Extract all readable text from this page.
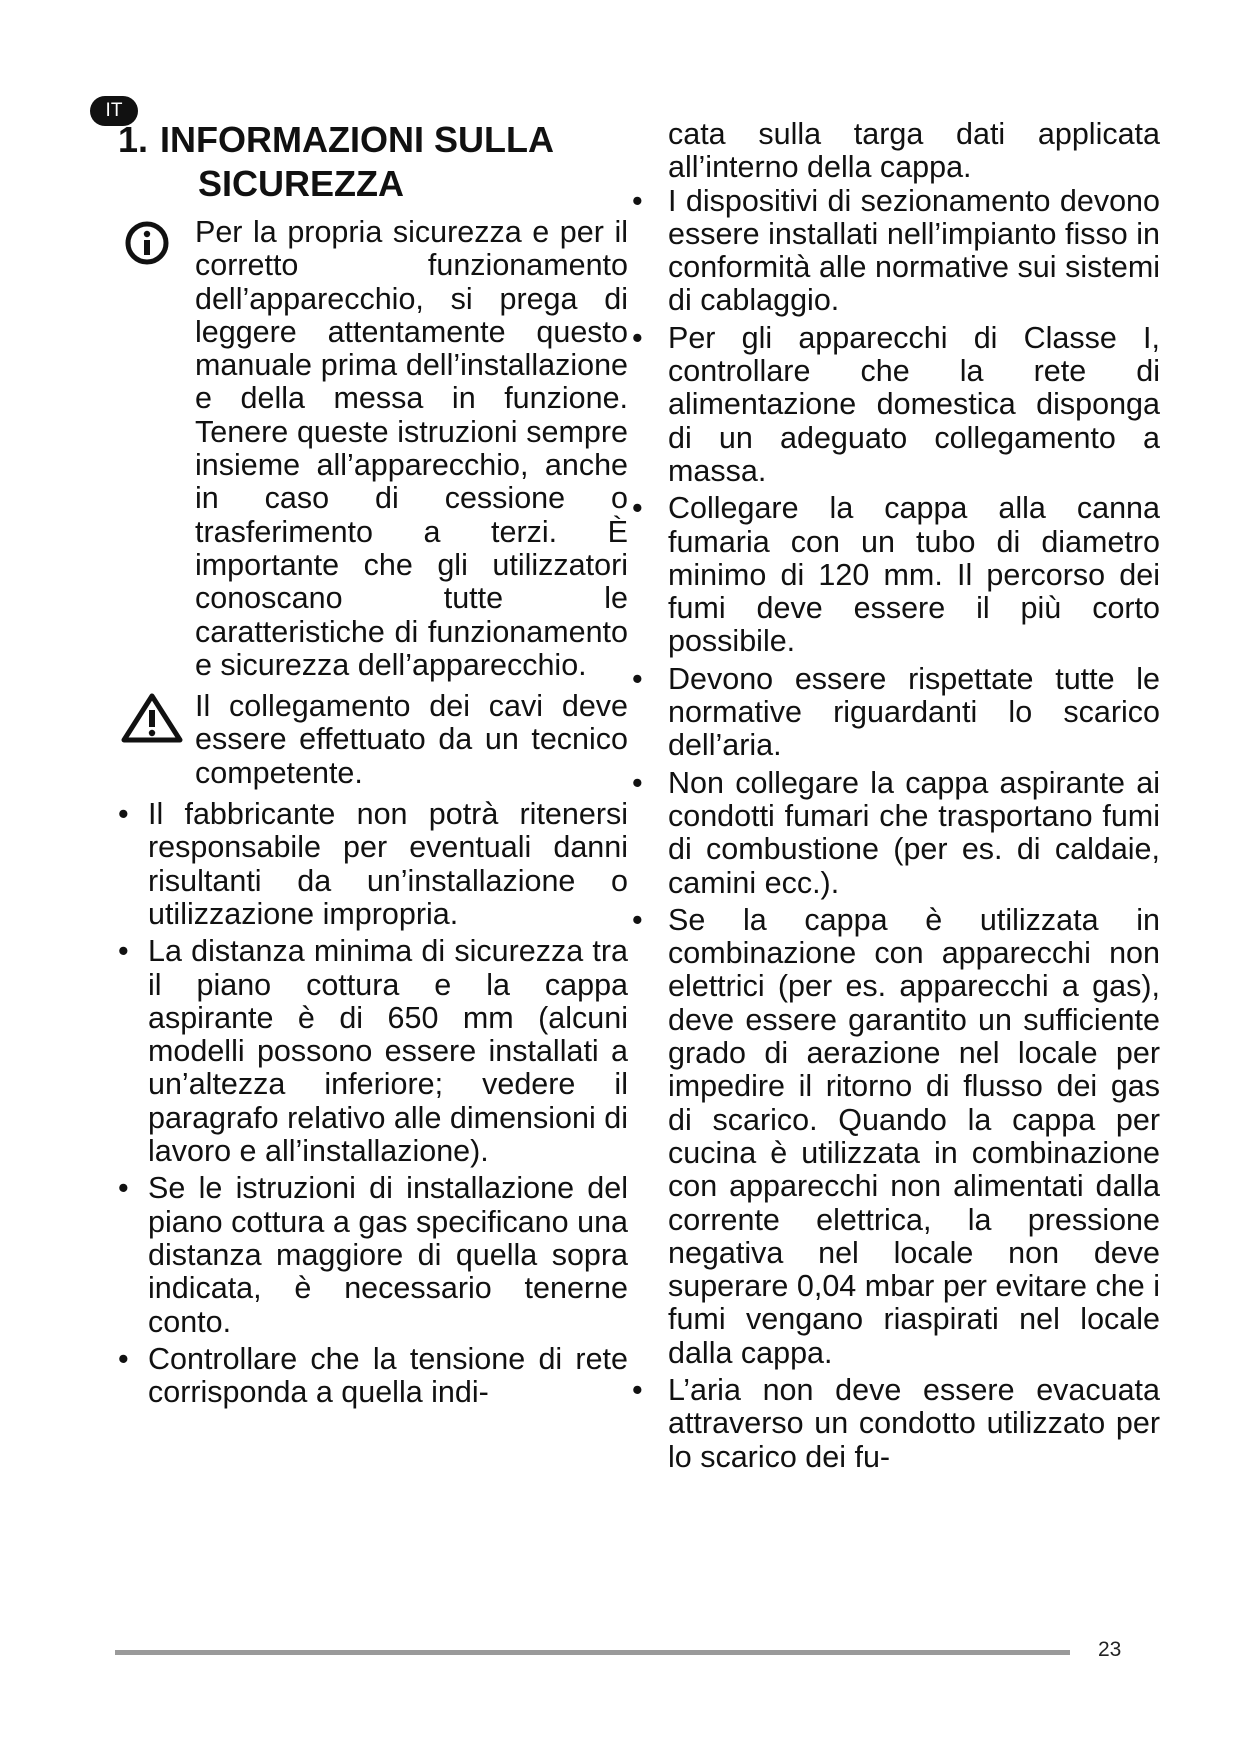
IT
1. INFORMAZIONI SULLA
SICUREZZA
Per la propria sicurezza e per il corretto funzionamento dell’apparecchio, si prega di leggere attentamente questo manuale prima dell’installazione e della messa in funzione. Tenere queste istruzioni sempre insieme all’apparecchio, anche in caso di cessione o trasferimento a terzi. È importante che gli utilizzatori conoscano tutte le caratteristiche di funzionamento e sicurezza dell’apparecchio.
Il collegamento dei cavi deve essere effettuato da un tecnico competente.
• Il fabbricante non potrà ritenersi responsabile per eventuali danni risultanti da un’installazione o utilizzazione impropria.
• La distanza minima di sicurezza tra il piano cottura e la cappa aspirante è di 650 mm (alcuni modelli possono essere installati a un’altezza inferiore; vedere il paragrafo relativo alle dimensioni di lavoro e all’installazione).
• Se le istruzioni di installazione del piano cottura a gas specificano una distanza maggiore di quella sopra indicata, è necessario tenerne conto.
• Controllare che la tensione di rete corrisponda a quella indi-
cata sulla targa dati applicata all’interno della cappa.
• I dispositivi di sezionamento devono essere installati nell’impianto fisso in conformità alle normative sui sistemi di cablaggio.
• Per gli apparecchi di Classe I, controllare che la rete di alimentazione domestica disponga di un adeguato collegamento a massa.
• Collegare la cappa alla canna fumaria con un tubo di diametro minimo di 120 mm. Il percorso dei fumi deve essere il più corto possibile.
• Devono essere rispettate tutte le normative riguardanti lo scarico dell’aria.
• Non collegare la cappa aspirante ai condotti fumari che trasportano fumi di combustione (per es. di caldaie, camini ecc.).
• Se la cappa è utilizzata in combinazione con apparecchi non elettrici (per es. apparecchi a gas), deve essere garantito un sufficiente grado di aerazione nel locale per impedire il ritorno di flusso dei gas di scarico. Quando la cappa per cucina è utilizzata in combinazione con apparecchi non alimentati dalla corrente elettrica, la pressione negativa nel locale non deve superare 0,04 mbar per evitare che i fumi vengano riaspirati nel locale dalla cappa.
• L’aria non deve essere evacuata attraverso un condotto utilizzato per lo scarico dei fu-
23
